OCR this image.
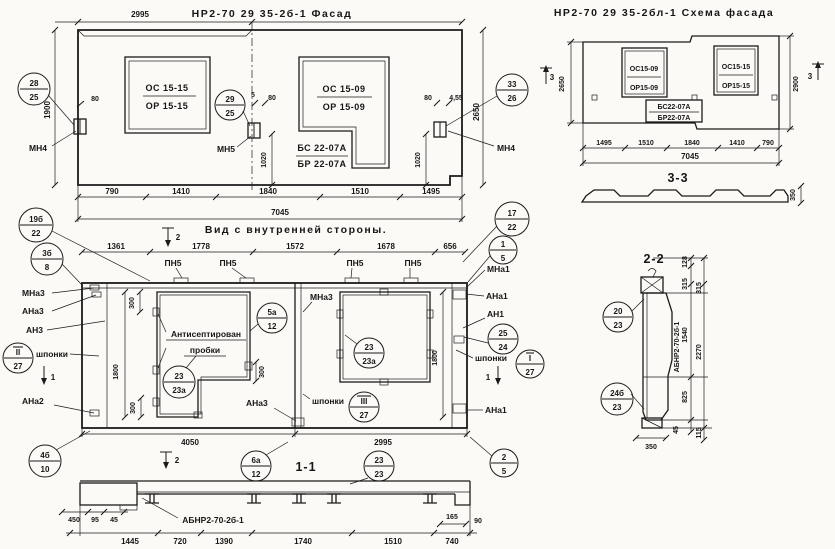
НР2-70 29 35-2б-1 Фасад
2995
1900	2650
ОС 15-15
ОР 15-15
ОС 15-09
ОР 15-09
БС 22-07А
БР 22-07А
28
25
МН4
29
25
МН5
33
26
МН4
80
5 80	80 4,55
1020	1020
790	1410	1840	1510	1495
7045
НР2-70 29 35-2бл-1 Схема фасада
ОС15-09
ОР15-09
ОС15-15
ОР15-15
БС22-07А
БР22-07А
3 2650	2900 3
1495	1510	1840	1410 790
7045
3-3
350
Вид с внутренней стороны.
2
1361	1778	1572	1678	656
ПН5	ПН5	ПН5	ПН5
Антисептирован
пробки
300
300
300
1800
1800
23
23а
23
23а
5а
12
МНа3
19б
22
3б
8
МНа3
АНа3
АН3
II
27
шпонки
1
АНа2
4б
10
17
22
1
5
МНа1
АНа1
АН1
25
24
шпонки	I
27
1
АНа1
2
5
АНа3	шпонки III
27
4050	2995
2	6а
12
1-1	23
23
450 95 45	АБНР2-70-2б-1	165
90
1445	720	1390	1740	1510	740
2-2
АБНР2-70-2б-1
128
315
1540
825
45
315
2270
115
350
20
23
24б
23
